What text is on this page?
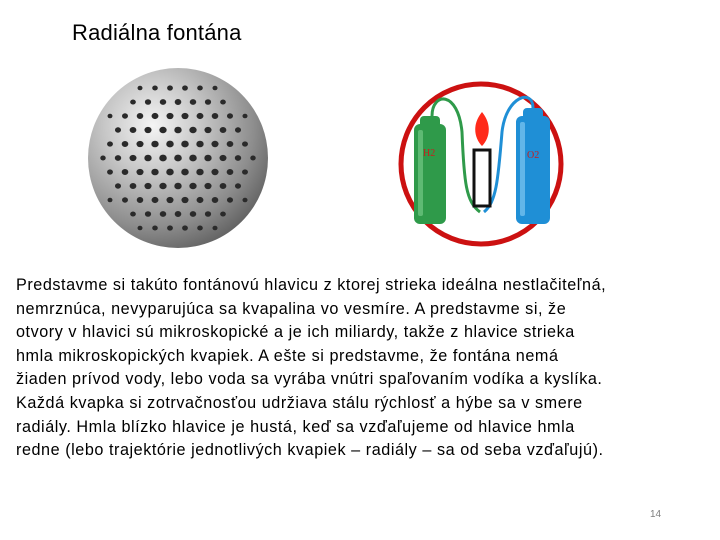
Radiálna fontána
H2	O2

Predstavme si takúto fontánovú hlavicu z ktorej strieka ideálna nestlačiteľná,
nemrznúca, nevyparujúca sa kvapalina vo vesmíre. A predstavme si, že
otvory v hlavici sú mikroskopické a je ich miliardy, takže z hlavice strieka
hmla mikroskopických kvapiek. A ešte si predstavme, že fontána nemá
žiaden prívod vody, lebo voda sa vyrába vnútri spaľovaním vodíka a kyslíka.
Každá kvapka si zotrvačnosťou udržiava stálu rýchlosť a hýbe sa v smere
radiály. Hmla blízko hlavice je hustá, keď sa vzďaľujeme od hlavice hmla
redne (lebo trajektórie jednotlivých kvapiek – radiály – sa od seba vzďaľujú).

14
